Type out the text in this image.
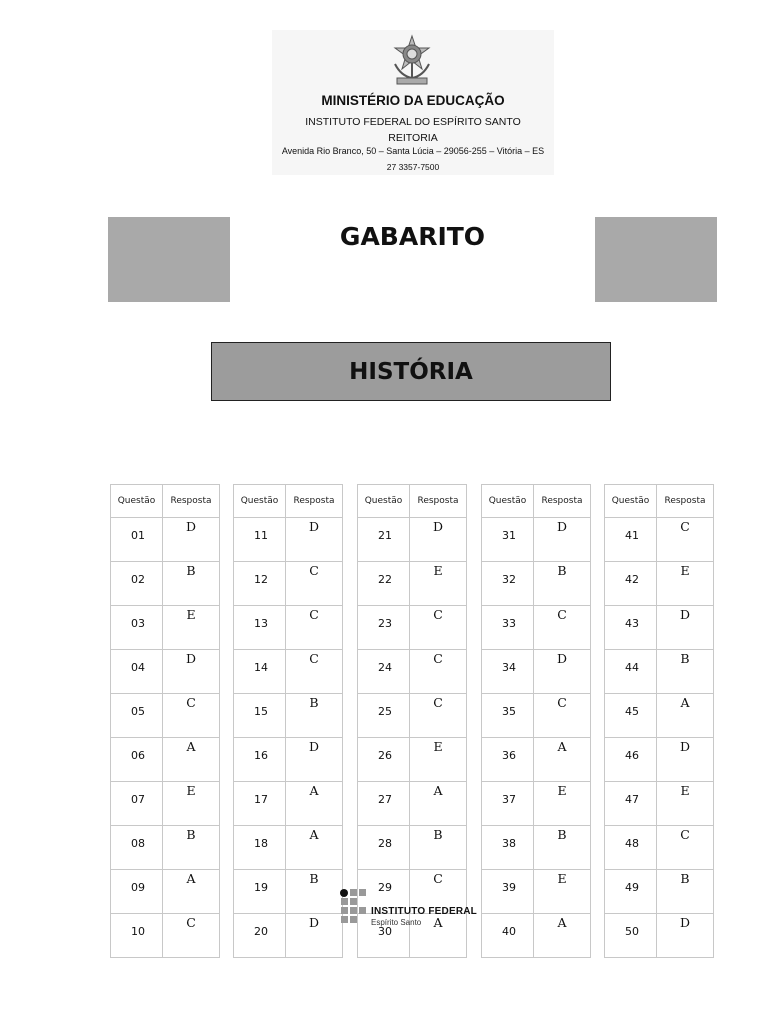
MINISTÉRIO DA EDUCAÇÃO
INSTITUTO FEDERAL DO ESPÍRITO SANTO
REITORIA
Avenida Rio Branco, 50 – Santa Lúcia – 29056-255 – Vitória – ES
27 3357-7500
GABARITO
HISTÓRIA
Questão	Resposta
01	D
02	B
03	E
04	D
05	C
06	A
07	E
08	B
09	A
10	C
Questão	Resposta
11	D
12	C
13	C
14	C
15	B
16	D
17	A
18	A
19	B
20	D
Questão	Resposta
21	D
22	E
23	C
24	C
25	C
26	E
27	A
28	B
29	C
30	A
Questão	Resposta
31	D
32	B
33	C
34	D
35	C
36	A
37	E
38	B
39	E
40	A
Questão	Resposta
41	C
42	E
43	D
44	B
45	A
46	D
47	E
48	C
49	B
50	D
INSTITUTO FEDERAL
Espírito Santo
